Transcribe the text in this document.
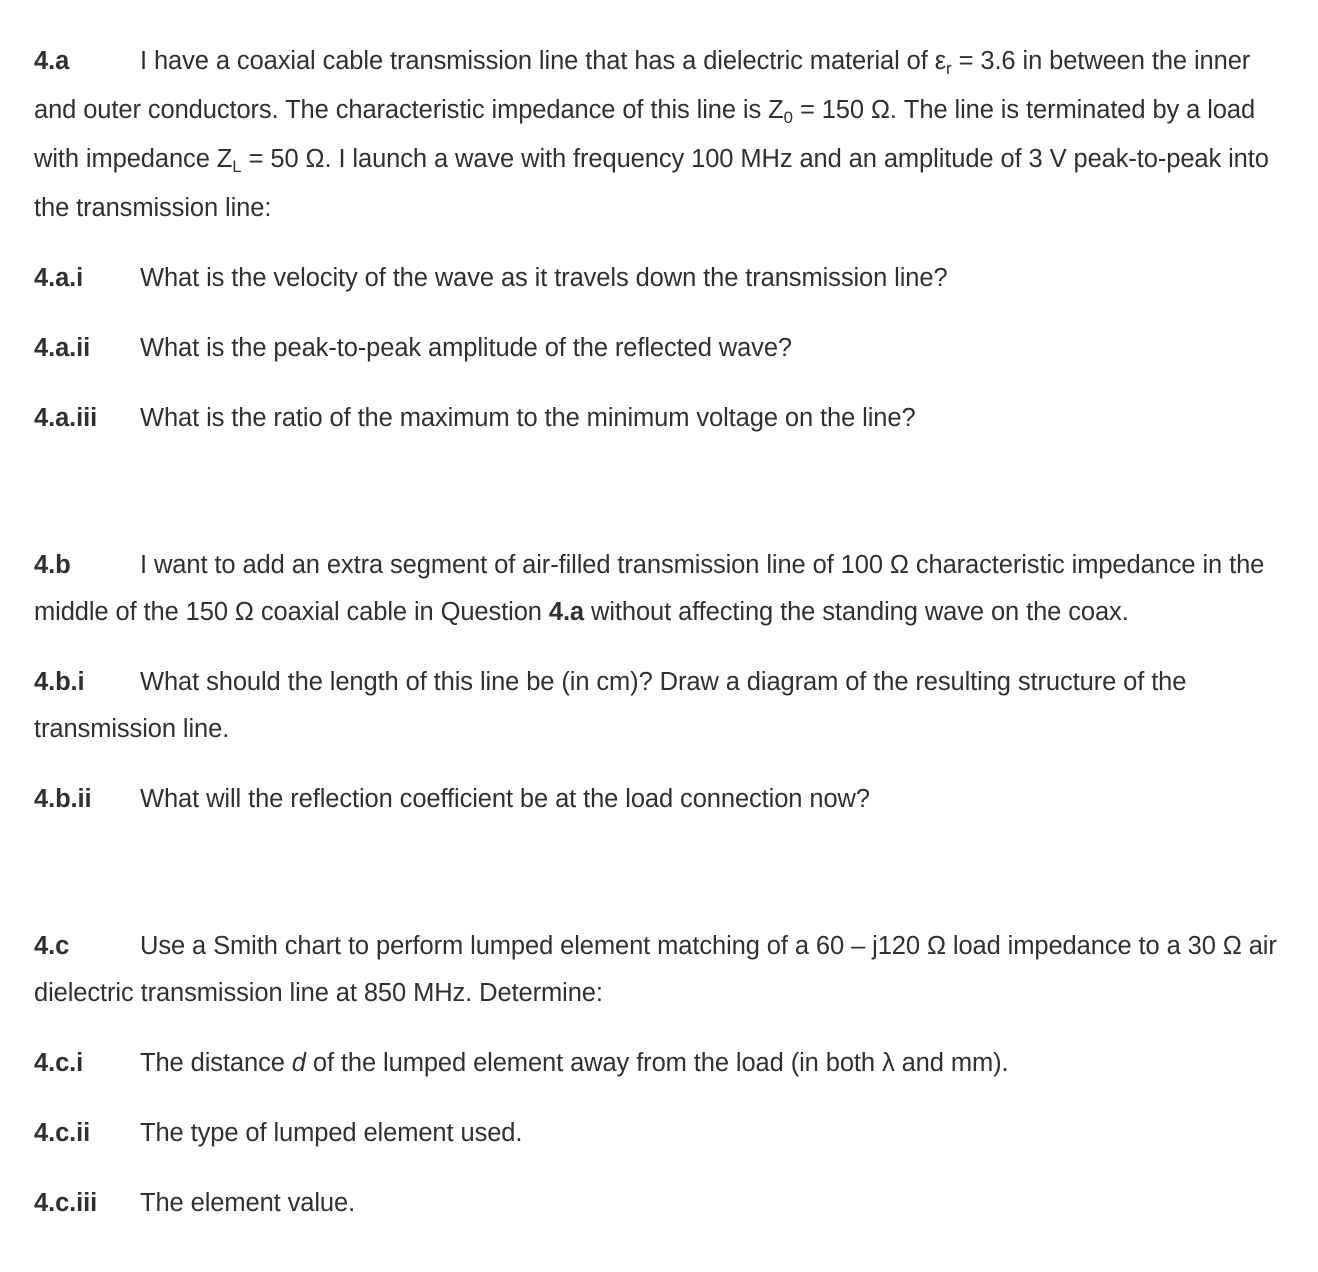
4.a	I have a coaxial cable transmission line that has a dielectric material of $\varepsilon_r = 3.6$ in between the inner and outer conductors. The characteristic impedance of this line is $Z_0 = 150$ Ω. The line is terminated by a load with impedance $Z_L = 50$ Ω. I launch a wave with frequency 100 MHz and an amplitude of 3 V peak-to-peak into the transmission line:

4.a.i What is the velocity of the wave as it travels down the transmission line?

4.a.ii What is the peak-to-peak amplitude of the reflected wave?

4.a.iii What is the ratio of the maximum to the minimum voltage on the line?

4.b	I want to add an extra segment of air-filled transmission line of 100 Ω characteristic impedance in the middle of the 150 Ω coaxial cable in Question 4.a without affecting the standing wave on the coax.

4.b.i What should the length of this line be (in cm)? Draw a diagram of the resulting structure of the transmission line.

4.b.ii What will the reflection coefficient be at the load connection now?

4.c	Use a Smith chart to perform lumped element matching of a 60 – j120 Ω load impedance to a 30 Ω air dielectric transmission line at 850 MHz. Determine:

4.c.i The distance d of the lumped element away from the load (in both λ and mm).

4.c.ii The type of lumped element used.

4.c.iii The element value.
